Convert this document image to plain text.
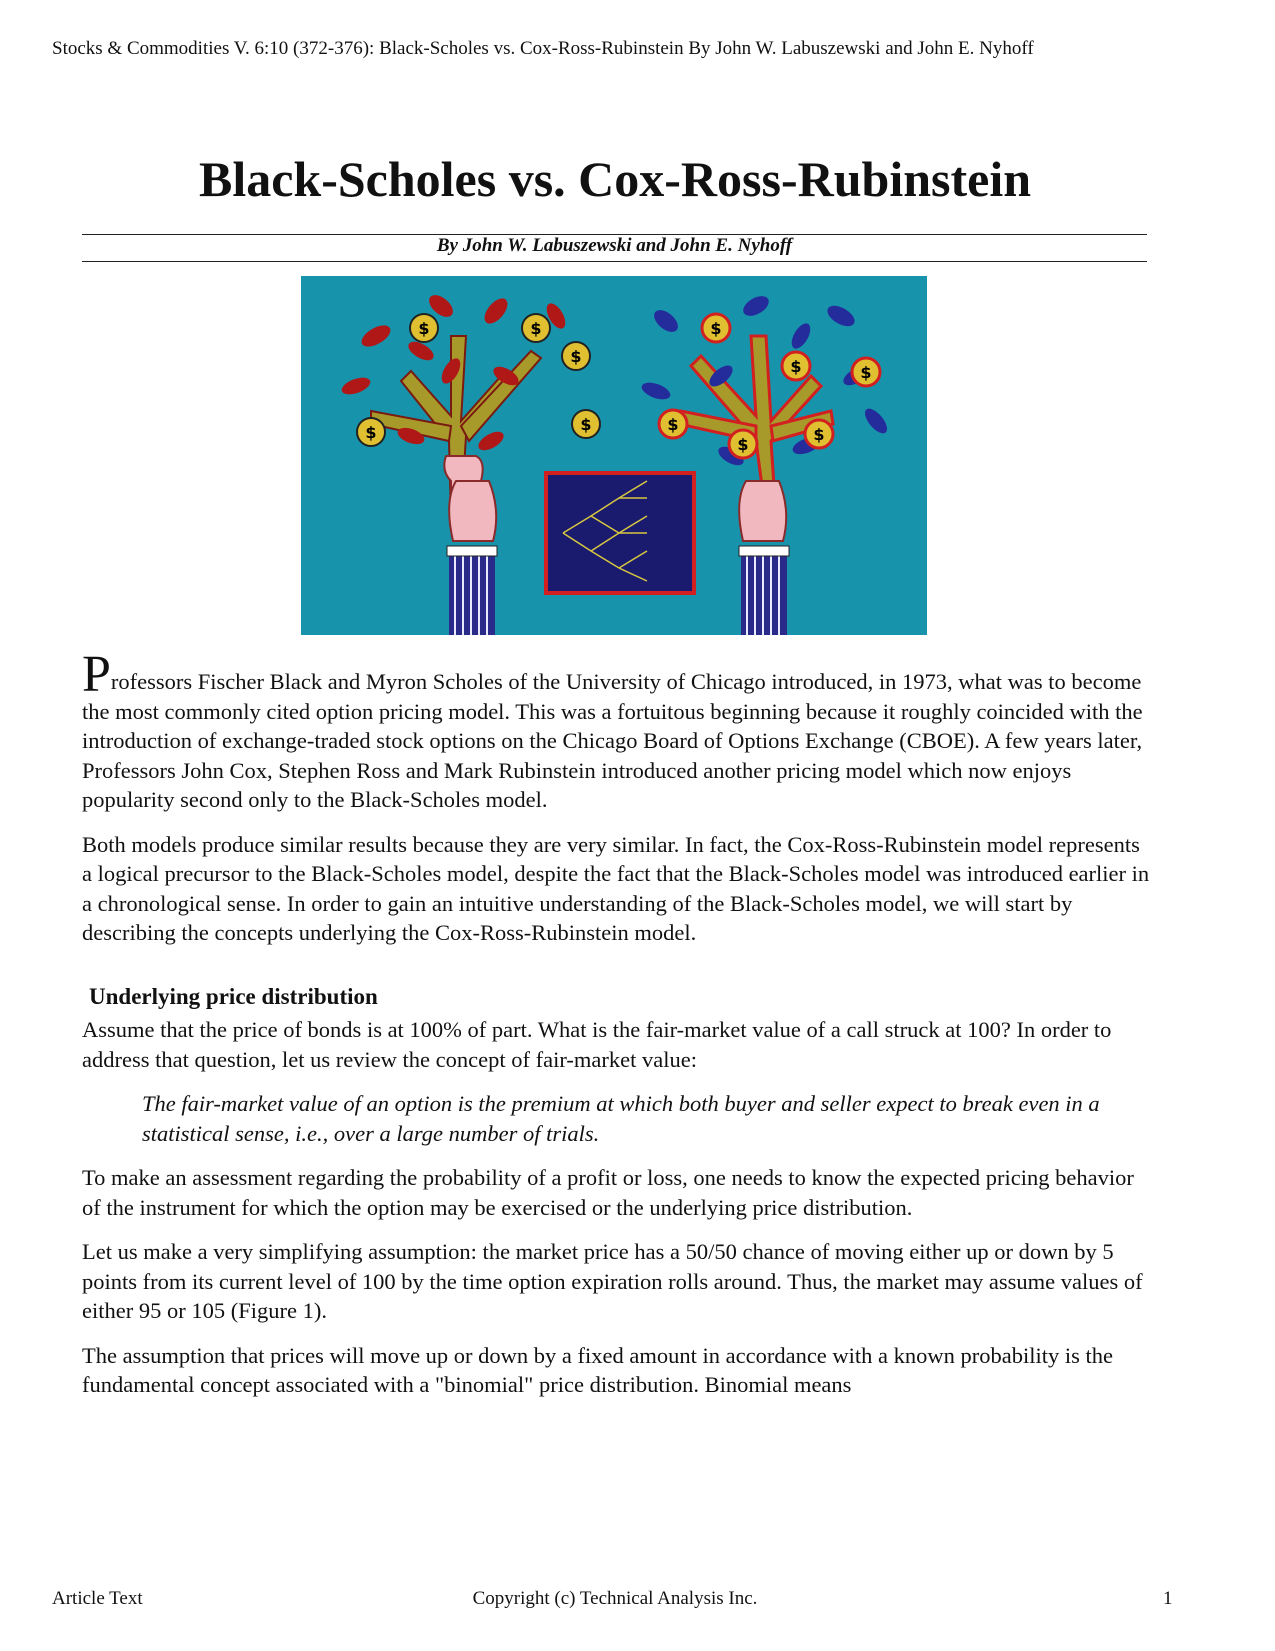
Stocks & Commodities V. 6:10 (372-376): Black-Scholes vs. Cox-Ross-Rubinstein By John W. Labuszewski and John E. Nyhoff
Black-Scholes vs. Cox-Ross-Rubinstein
By John W. Labuszewski and John E. Nyhoff
$	$
$
$	$
$
$	$
$
$
$

Professors Fischer Black and Myron Scholes of the University of Chicago introduced, in 1973, what was to become the most commonly cited option pricing model. This was a fortuitous beginning because it roughly coincided with the introduction of exchange-traded stock options on the Chicago Board of Options Exchange (CBOE). A few years later, Professors John Cox, Stephen Ross and Mark Rubinstein introduced another pricing model which now enjoys popularity second only to the Black-Scholes model.

Both models produce similar results because they are very similar. In fact, the Cox-Ross-Rubinstein model represents a logical precursor to the Black-Scholes model, despite the fact that the Black-Scholes model was introduced earlier in a chronological sense. In order to gain an intuitive understanding of the Black-Scholes model, we will start by describing the concepts underlying the Cox-Ross-Rubinstein model.

Underlying price distribution

Assume that the price of bonds is at 100% of part. What is the fair-market value of a call struck at 100? In order to address that question, let us review the concept of fair-market value:

The fair-market value of an option is the premium at which both buyer and seller expect to break even in a statistical sense, i.e., over a large number of trials.

To make an assessment regarding the probability of a profit or loss, one needs to know the expected pricing behavior of the instrument for which the option may be exercised or the underlying price distribution.

Let us make a very simplifying assumption: the market price has a 50/50 chance of moving either up or down by 5 points from its current level of 100 by the time option expiration rolls around. Thus, the market may assume values of either 95 or 105 (Figure 1).

The assumption that prices will move up or down by a fixed amount in accordance with a known probability is the fundamental concept associated with a "binomial" price distribution. Binomial means

Article Text	Copyright (c) Technical Analysis Inc.	1
